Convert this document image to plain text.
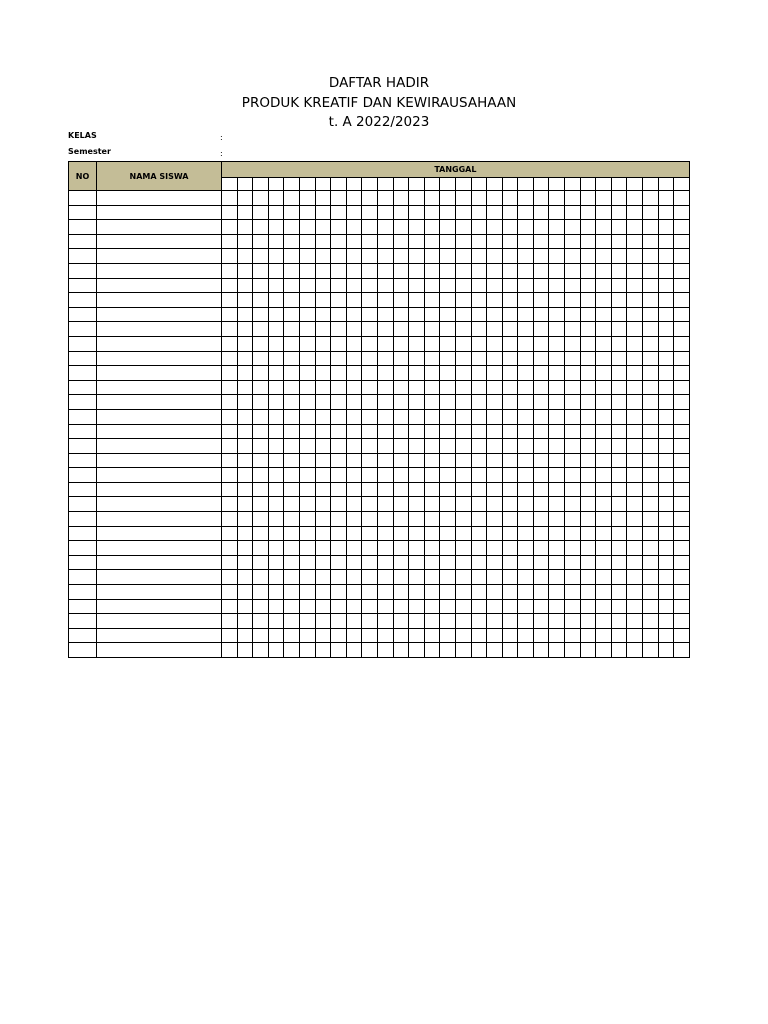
DAFTAR HADIR
PRODUK KREATIF DAN KEWIRAUSAHAAN
t. A 2022/2023
KELAS	:
Semester	:
NO	NAMA SISWA	TANGGAL																													
